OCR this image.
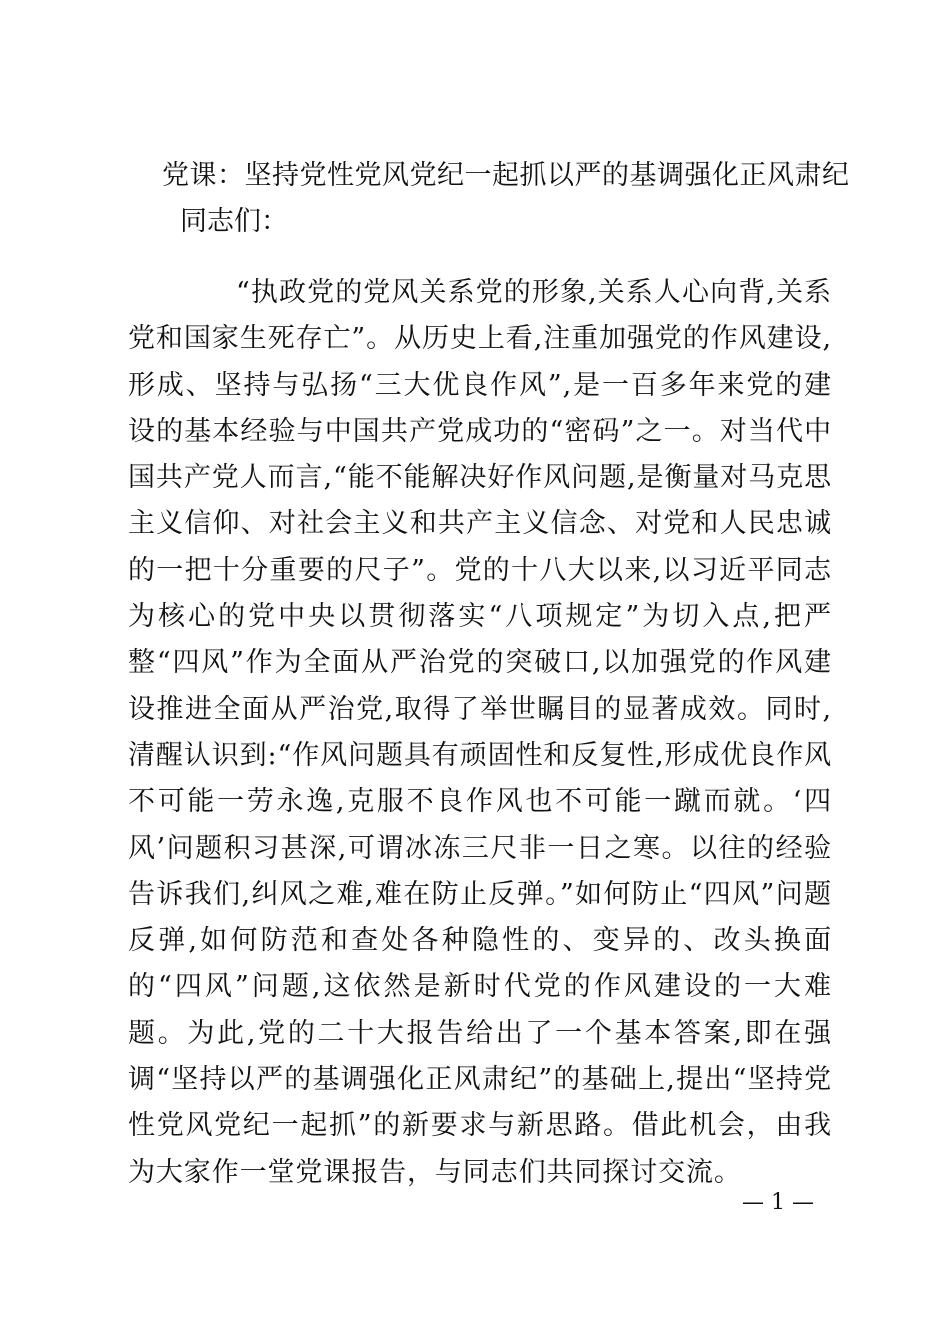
党课：坚持党性党风党纪一起抓以严的基调强化正风肃纪
同志们：
“执政党的党风关系党的形象,关系人心向背,关系党和国家生死存亡”。从历史上看,注重加强党的作风建设,形成、坚持与弘扬“三大优良作风”,是一百多年来党的建设的基本经验与中国共产党成功的“密码”之一。对当代中国共产党人而言,“能不能解决好作风问题,是衡量对马克思主义信仰、对社会主义和共产主义信念、对党和人民忠诚的一把十分重要的尺子”。党的十八大以来,以习近平同志为核心的党中央以贯彻落实“八项规定”为切入点,把严整“四风”作为全面从严治党的突破口,以加强党的作风建设推进全面从严治党,取得了举世瞩目的显著成效。同时,清醒认识到:“作风问题具有顽固性和反复性,形成优良作风不可能一劳永逸,克服不良作风也不可能一蹴而就。‘四风’问题积习甚深,可谓冰冻三尺非一日之寒。以往的经验告诉我们,纠风之难,难在防止反弹。”如何防止“四风”问题反弹,如何防范和查处各种隐性的、变异的、改头换面的“四风”问题,这依然是新时代党的作风建设的一大难题。为此,党的二十大报告给出了一个基本答案,即在强调“坚持以严的基调强化正风肃纪”的基础上,提出“坚持党性党风党纪一起抓”的新要求与新思路。借此机会，由我为大家作一堂党课报告，与同志们共同探讨交流。
— 1 —
